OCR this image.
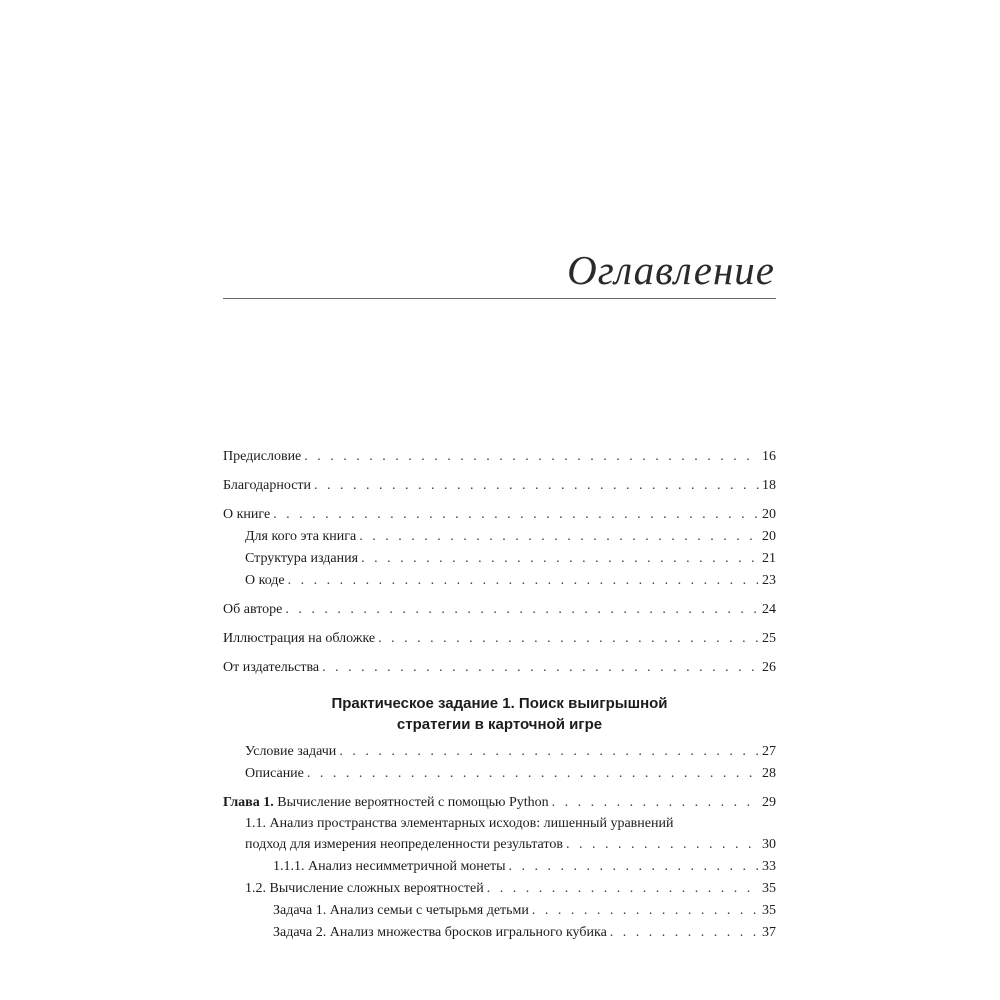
Оглавление
Предисловие . . .	16
Благодарности . . .	18
О книге . . .	20
Для кого эта книга . . .	20
Структура издания . . .	21
О коде . . .	23
Об авторе . . .	24
Иллюстрация на обложке . . .	25
От издательства . . .	26
Практическое задание 1. Поиск выигрышной
стратегии в карточной игре
Условие задачи . . .	27
Описание . . .	28
Глава 1. Вычисление вероятностей с помощью Python . . .	29
1.1. Анализ пространства элементарных исходов: лишенный уравнений
подход для измерения неопределенности результатов . . .	30
1.1.1. Анализ несимметричной монеты . . .	33
1.2. Вычисление сложных вероятностей . . .	35
Задача 1. Анализ семьи с четырьмя детьми . . .	35
Задача 2. Анализ множества бросков игрального кубика . . .	37
